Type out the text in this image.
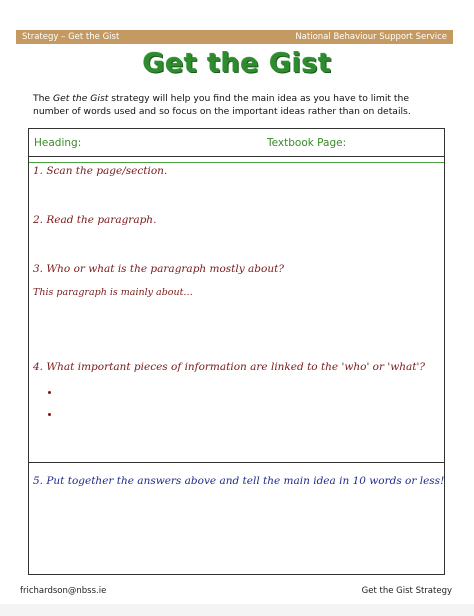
Strategy – Get the Gist	National Behaviour Support Service
Get the Gist
The Get the Gist strategy will help you find the main idea as you have to limit the number of words used and so focus on the important ideas rather than on details.
Heading:	Textbook Page:
1. Scan the page/section.
2. Read the paragraph.
3. Who or what is the paragraph mostly about?
This paragraph is mainly about…
4. What important pieces of information are linked to the 'who' or 'what'?
5. Put together the answers above and tell the main idea in 10 words or less!
frichardson@nbss.ie	Get the Gist Strategy
